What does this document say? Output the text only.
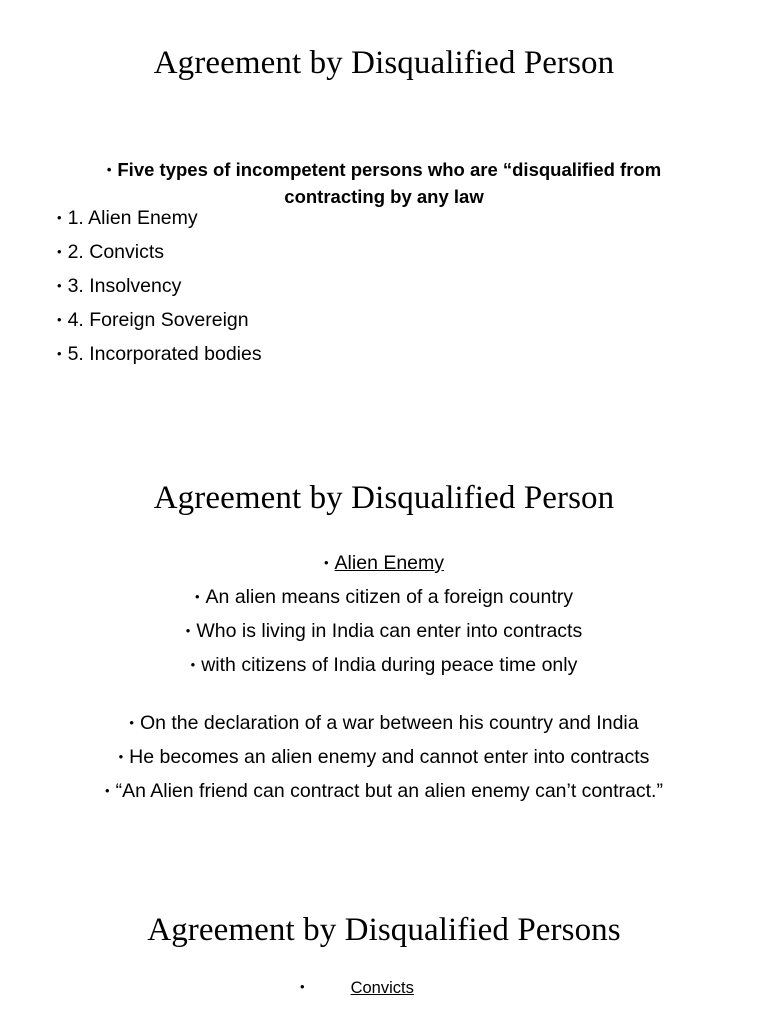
Agreement by Disqualified Person
• Five types of incompetent persons who are “disqualified from
contracting by any law
• 1. Alien Enemy
• 2. Convicts
• 3. Insolvency
• 4. Foreign Sovereign
• 5. Incorporated bodies
Agreement by Disqualified Person
• Alien Enemy
• An alien means citizen of a foreign country
• Who is living in India can enter into contracts
• with citizens of India during peace time only
• On the declaration of a war between his country and India
• He becomes an alien enemy and cannot enter into contracts
• “An Alien friend can contract but an alien enemy can’t contract.”
Agreement by Disqualified Persons
•	Convicts
